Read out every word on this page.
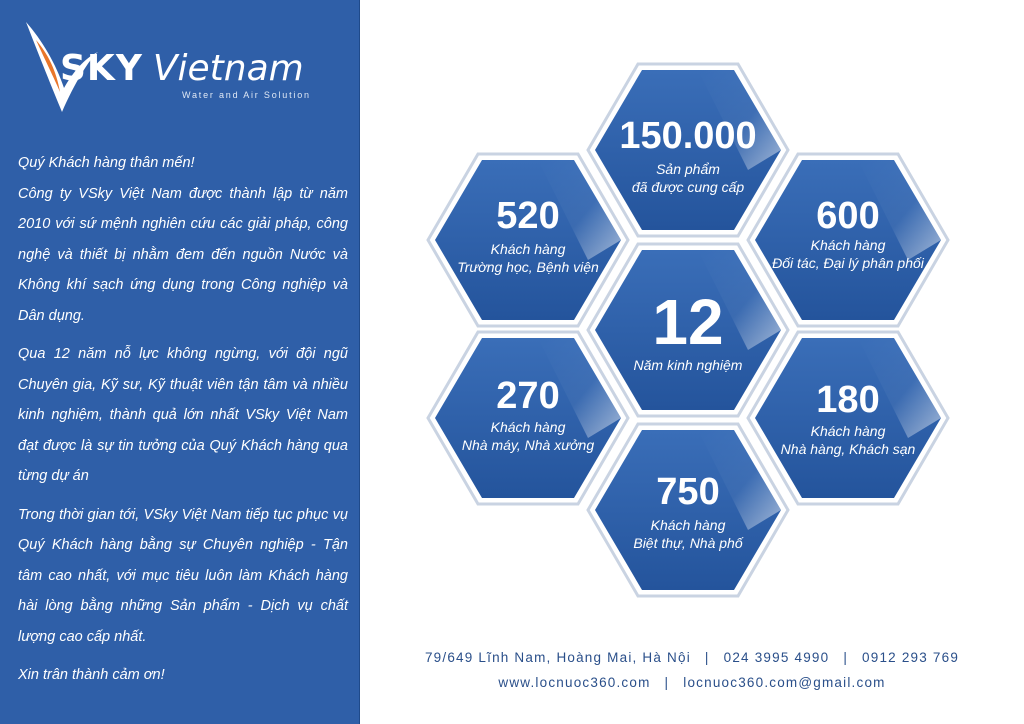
SKY Vietnam
Water and Air Solution

Quý Khách hàng thân mến!

Công ty VSky Việt Nam được thành lập từ năm 2010 với sứ mệnh nghiên cứu các giải pháp, công nghệ và thiết bị nhằm đem đến nguồn Nước và Không khí sạch ứng dụng trong Công nghiệp và Dân dụng.

Qua 12 năm nỗ lực không ngừng, với đội ngũ Chuyên gia, Kỹ sư, Kỹ thuật viên tận tâm và nhiều kinh nghiệm, thành quả lớn nhất VSky Việt Nam đạt được là sự tin tưởng của Quý Khách hàng qua từng dự án

Trong thời gian tới, VSky Việt Nam tiếp tục phục vụ Quý Khách hàng bằng sự Chuyên nghiệp - Tận tâm cao nhất, với mục tiêu luôn làm Khách hàng hài lòng bằng những Sản phẩm - Dịch vụ chất lượng cao cấp nhất.

Xin trân thành cảm ơn!

150.000
Sản phẩm
đã được cung cấp
520
Khách hàng
Trường học, Bệnh viện
600
Khách hàng
Đối tác, Đại lý phân phối
12
Năm kinh nghiệm
270
Khách hàng
Nhà máy, Nhà xưởng
180
Khách hàng
Nhà hàng, Khách sạn
750
Khách hàng
Biệt thự, Nhà phố
79/649 Lĩnh Nam, Hoàng Mai, Hà Nội | 024 3995 4990 | 0912 293 769
www.locnuoc360.com | locnuoc360.com@gmail.com
